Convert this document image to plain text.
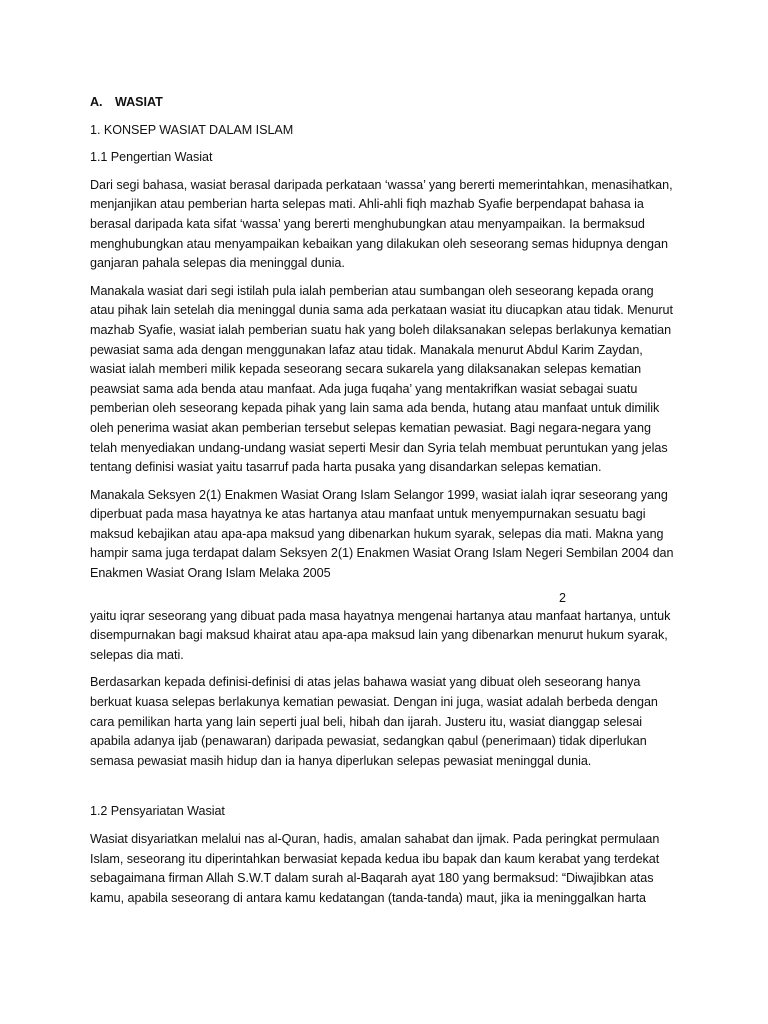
A. WASIAT
1. KONSEP WASIAT DALAM ISLAM
1.1 Pengertian Wasiat

Dari segi bahasa, wasiat berasal daripada perkataan ‘wassa’ yang bererti memerintahkan, menasihatkan, menjanjikan atau pemberian harta selepas mati. Ahli-ahli fiqh mazhab Syafie berpendapat bahasa ia berasal daripada kata sifat ‘wassa’ yang bererti menghubungkan atau menyampaikan. Ia bermaksud menghubungkan atau menyampaikan kebaikan yang dilakukan oleh seseorang semas hidupnya dengan ganjaran pahala selepas dia meninggal dunia.

Manakala wasiat dari segi istilah pula ialah pemberian atau sumbangan oleh seseorang kepada orang atau pihak lain setelah dia meninggal dunia sama ada perkataan wasiat itu diucapkan atau tidak. Menurut mazhab Syafie, wasiat ialah pemberian suatu hak yang boleh dilaksanakan selepas berlakunya kematian pewasiat sama ada dengan menggunakan lafaz atau tidak. Manakala menurut Abdul Karim Zaydan, wasiat ialah memberi milik kepada seseorang secara sukarela yang dilaksanakan selepas kematian peawsiat sama ada benda atau manfaat. Ada juga fuqaha’ yang mentakrifkan wasiat sebagai suatu pemberian oleh seseorang kepada pihak yang lain sama ada benda, hutang atau manfaat untuk dimilik oleh penerima wasiat akan pemberian tersebut selepas kematian pewasiat. Bagi negara-negara yang telah menyediakan undang-undang wasiat seperti Mesir dan Syria telah membuat peruntukan yang jelas tentang definisi wasiat yaitu tasarruf pada harta pusaka yang disandarkan selepas kematian.

Manakala Seksyen 2(1) Enakmen Wasiat Orang Islam Selangor 1999, wasiat ialah iqrar seseorang yang diperbuat pada masa hayatnya ke atas hartanya atau manfaat untuk menyempurnakan sesuatu bagi maksud kebajikan atau apa-apa maksud yang dibenarkan hukum syarak, selepas dia mati. Makna yang hampir sama juga terdapat dalam Seksyen 2(1) Enakmen Wasiat Orang Islam Negeri Sembilan 2004 dan Enakmen Wasiat Orang Islam Melaka 2005

2

yaitu iqrar seseorang yang dibuat pada masa hayatnya mengenai hartanya atau manfaat hartanya, untuk disempurnakan bagi maksud khairat atau apa-apa maksud lain yang dibenarkan menurut hukum syarak, selepas dia mati.

Berdasarkan kepada definisi-definisi di atas jelas bahawa wasiat yang dibuat oleh seseorang hanya berkuat kuasa selepas berlakunya kematian pewasiat. Dengan ini juga, wasiat adalah berbeda dengan cara pemilikan harta yang lain seperti jual beli, hibah dan ijarah. Justeru itu, wasiat dianggap selesai apabila adanya ijab (penawaran) daripada pewasiat, sedangkan qabul (penerimaan) tidak diperlukan semasa pewasiat masih hidup dan ia hanya diperlukan selepas pewasiat meninggal dunia.

1.2 Pensyariatan Wasiat

Wasiat disyariatkan melalui nas al-Quran, hadis, amalan sahabat dan ijmak. Pada peringkat permulaan Islam, seseorang itu diperintahkan berwasiat kepada kedua ibu bapak dan kaum kerabat yang terdekat sebagaimana firman Allah S.W.T dalam surah al-Baqarah ayat 180 yang bermaksud: “Diwajibkan atas kamu, apabila seseorang di antara kamu kedatangan (tanda-tanda) maut, jika ia meninggalkan harta
